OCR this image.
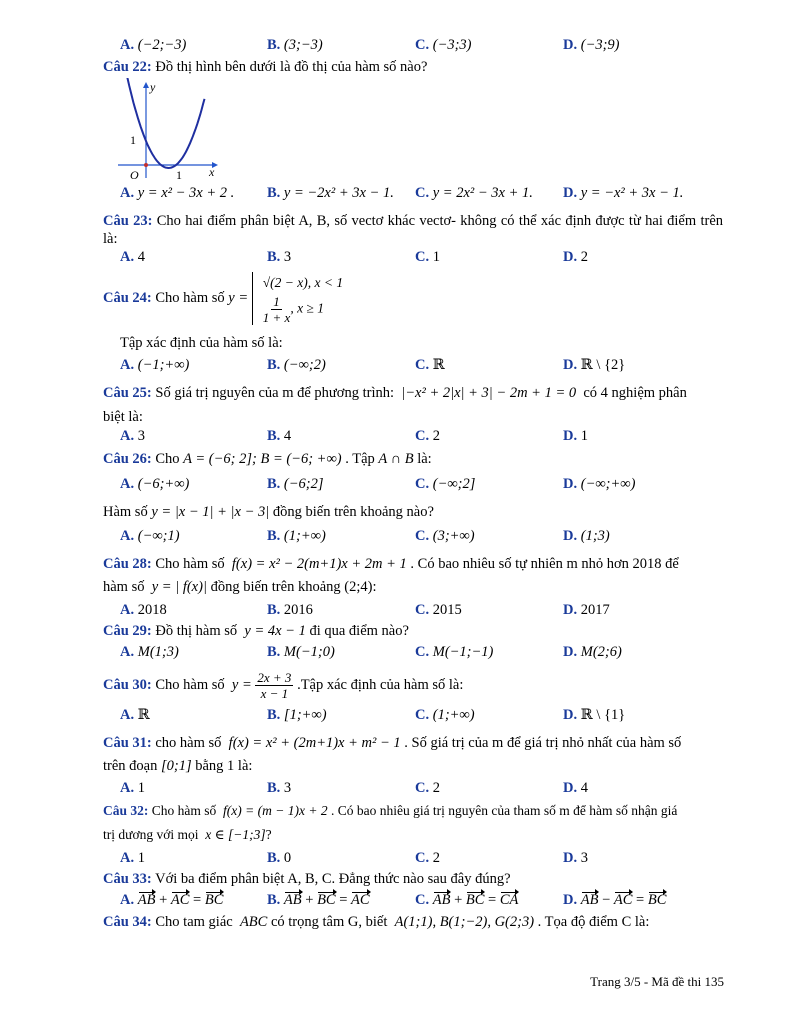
A. (−2;−3)	B. (3;−3)	C. (−3;3)	D. (−3;9)
Câu 22: Đồ thị hình bên dưới là đồ thị của hàm số nào?
y
x
O
1
1
A. y = x² − 3x + 2 . B. y = −2x² + 3x − 1. C. y = 2x² − 3x + 1. D. y = −x² + 3x − 1.
Câu 23: Cho hai điểm phân biệt A, B, số vectơ khác vectơ- không có thể xác định được từ hai điểm trên là:
A. 4	B. 3	C. 1	D. 2
Câu 24: Cho hàm số y =
√(2 − x), x < 1
$\frac{1}{1 + x}$ , x ≥ 1
Tập xác định của hàm số là:
A. (−1;+∞)	B. (−∞;2)	C. ℝ	D. ℝ \ {2}
Câu 25: Số giá trị nguyên của m để phương trình: |−x² + 2|x| + 3| − 2m + 1 = 0 có 4 nghiệm phân
biệt là:
A. 3	B. 4	C. 2	D. 1
Câu 26: Cho A = (−6; 2]; B = (−6; +∞) . Tập A ∩ B là:
A. (−6;+∞)	B. (−6;2]	C. (−∞;2]	D. (−∞;+∞)
Hàm số y = |x − 1| + |x − 3| đồng biến trên khoảng nào?
A. (−∞;1)	B. (1;+∞)	C. (3;+∞)	D. (1;3)
Câu 28: Cho hàm số f(x) = x² − 2(m+1)x + 2m + 1 . Có bao nhiêu số tự nhiên m nhỏ hơn 2018 để
hàm số y = | f(x)| đồng biến trên khoảng (2;4):
A. 2018	B. 2016	C. 2015	D. 2017
Câu 29: Đồ thị hàm số y = 4x − 1 đi qua điểm nào?
A. M(1;3)	B. M(−1;0)	C. M(−1;−1)	D. M(2;6)
Câu 30: Cho hàm số $y = \frac{2x + 3}{x - 1}$ .Tập xác định của hàm số là:
A. ℝ	B. [1;+∞)	C. (1;+∞)	D. ℝ \ {1}
Câu 31: cho hàm số f(x) = x² + (2m+1)x + m² − 1 . Số giá trị của m để giá trị nhỏ nhất của hàm số
trên đoạn [0;1] bằng 1 là:
A. 1	B. 3	C. 2	D. 4
Câu 32: Cho hàm số f(x) = (m − 1)x + 2 . Có bao nhiêu giá trị nguyên của tham số m để hàm số nhận giá
trị dương với mọi x ∈ [−1;3]?
A. 1	B. 0	C. 2	D. 3
Câu 33: Với ba điểm phân biệt A, B, C. Đẳng thức nào sau đây đúng?
A. AB + AC = BC	B. AB + BC = AC	C. AB + BC = CA	D. AB − AC = BC
Câu 34: Cho tam giác ABC có trọng tâm G, biết A(1;1), B(1;−2), G(2;3) . Tọa độ điểm C là:
Trang 3/5 - Mã đề thi 135
